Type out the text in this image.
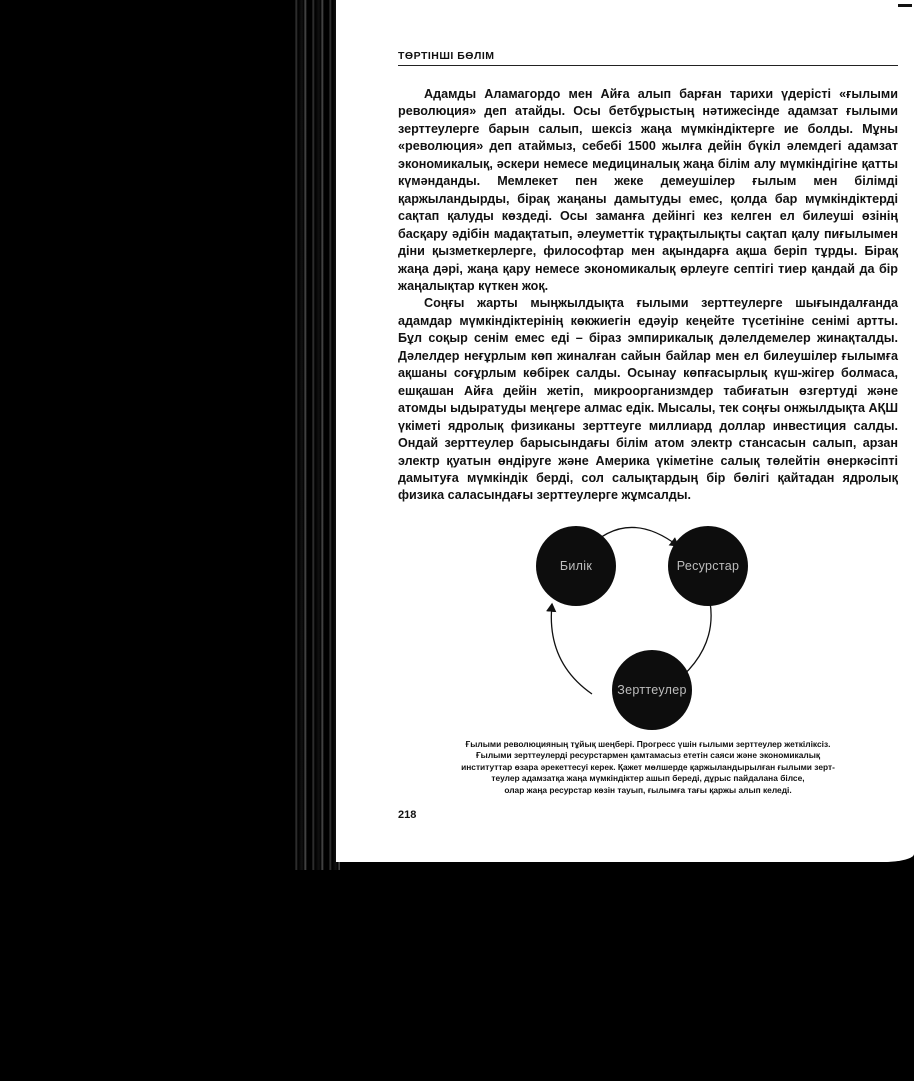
ТӨРТІНШІ БӨЛІМ

Адамды Аламагордо мен Айға алып барған тарихи үдерісті «ғылыми революция» деп атайды. Осы бетбұрыстың нәтижесінде адамзат ғылыми зерттеулерге барын салып, шексіз жаңа мүмкіндіктерге ие болды. Мұны «революция» деп атаймыз, себебі 1500 жылға дейін бүкіл әлемдегі адамзат экономикалық, әскери немесе медициналық жаңа білім алу мүмкіндігіне қатты күмәнданды. Мемлекет пен жеке демеушілер ғылым мен білімді қаржыландырды, бірақ жаңаны дамытуды емес, қолда бар мүмкіндіктерді сақтап қалуды көздеді. Осы заманға дейінгі кез келген ел билеуші өзінің басқару әдібін мадақтатып, әлеуметтік тұрақтылықты сақтап қалу пиғылымен діни қызметкерлерге, философтар мен ақындарға ақша беріп тұрды. Бірақ жаңа дәрі, жаңа қару немесе экономикалық өрлеуге септігі тиер қандай да бір жаңалықтар күткен жоқ.

Соңғы жарты мыңжылдықта ғылыми зерттеулерге шығындалғанда адамдар мүмкіндіктерінің көкжиегін едәуір кеңейте түсетініне сенімі артты. Бұл соқыр сенім емес еді – біраз эмпирикалық дәлелдемелер жинақталды. Дәлелдер неғұрлым көп жиналған сайын байлар мен ел билеушілер ғылымға ақшаны соғұрлым көбірек салды. Осынау көпғасырлық күш-жігер болмаса, ешқашан Айға дейін жетіп, микроорганизмдер табиғатын өзгертуді және атомды ыдыратуды меңгере алмас едік. Мысалы, тек соңғы онжылдықта АҚШ үкіметі ядролық физиканы зерттеуге миллиард доллар инвестиция салды. Ондай зерттеулер барысындағы білім атом электр стансасын салып, арзан электр қуатын өндіруге және Америка үкіметіне салық төлейтін өнеркәсіпті дамытуға мүмкіндік берді, сол салықтардың бір бөлігі қайтадан ядролық физика саласындағы зерттеулерге жұмсалды.

Билік	Ресурстар
Зерттеулер
Ғылыми революцияның тұйық шеңбері. Прогресс үшін ғылыми зерттеулер жеткіліксіз.
Ғылыми зерттеулерді ресурстармен қамтамасыз ететін саяси және экономикалық
институттар өзара әрекеттесуі керек. Қажет мөлшерде қаржыландырылған ғылыми зерт-
теулер адамзатқа жаңа мүмкіндіктер ашып береді, дұрыс пайдалана білсе,
олар жаңа ресурстар көзін тауып, ғылымға тағы қаржы алып келеді.
218
